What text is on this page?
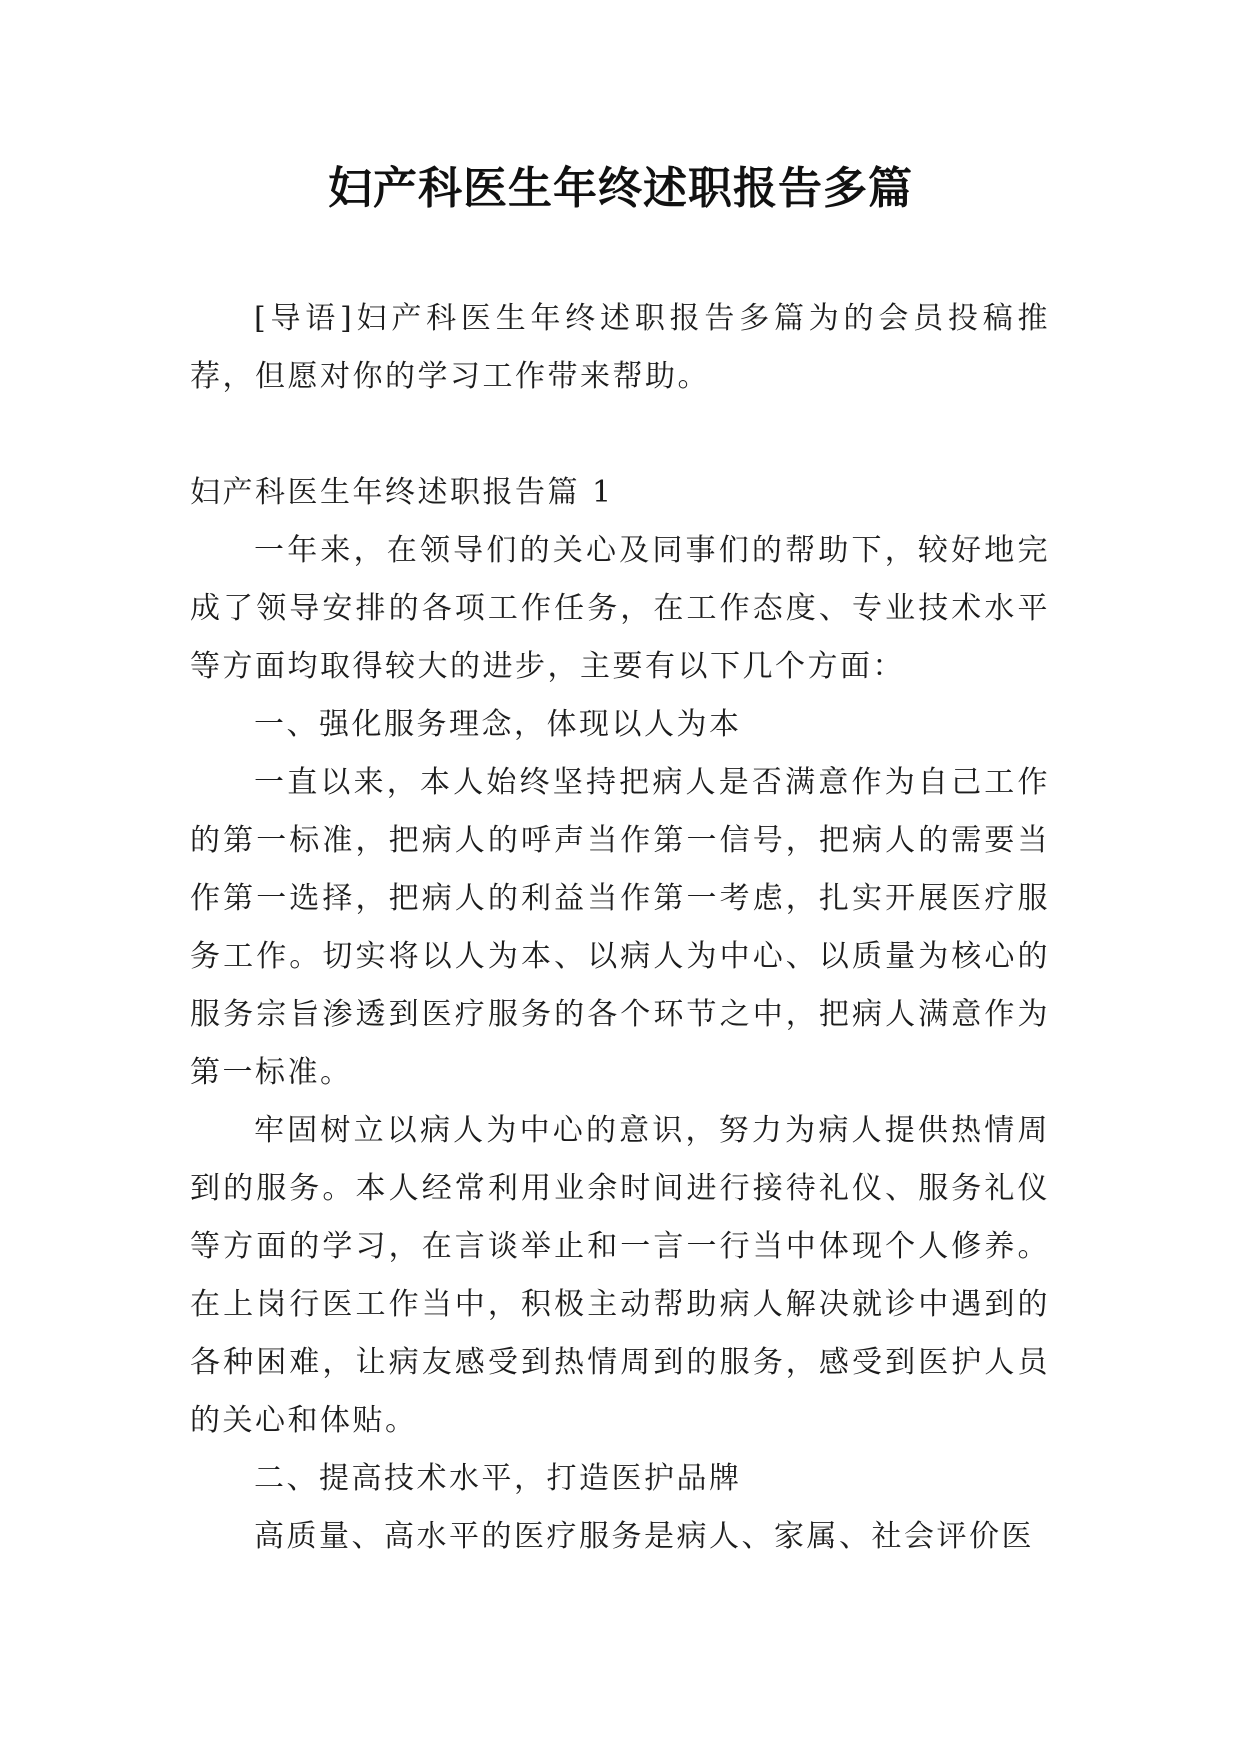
妇产科医生年终述职报告多篇

[导语]妇产科医生年终述职报告多篇为的会员投稿推荐，但愿对你的学习工作带来帮助。

妇产科医生年终述职报告篇 1

一年来，在领导们的关心及同事们的帮助下，较好地完成了领导安排的各项工作任务，在工作态度、专业技术水平等方面均取得较大的进步，主要有以下几个方面：

一、强化服务理念，体现以人为本

一直以来，本人始终坚持把病人是否满意作为自己工作的第一标准，把病人的呼声当作第一信号，把病人的需要当作第一选择，把病人的利益当作第一考虑，扎实开展医疗服务工作。切实将以人为本、以病人为中心、以质量为核心的服务宗旨渗透到医疗服务的各个环节之中，把病人满意作为第一标准。

牢固树立以病人为中心的意识，努力为病人提供热情周到的服务。本人经常利用业余时间进行接待礼仪、服务礼仪等方面的学习，在言谈举止和一言一行当中体现个人修养。在上岗行医工作当中，积极主动帮助病人解决就诊中遇到的各种困难，让病友感受到热情周到的服务，感受到医护人员的关心和体贴。

二、提高技术水平，打造医护品牌

高质量、高水平的医疗服务是病人、家属、社会评价医
